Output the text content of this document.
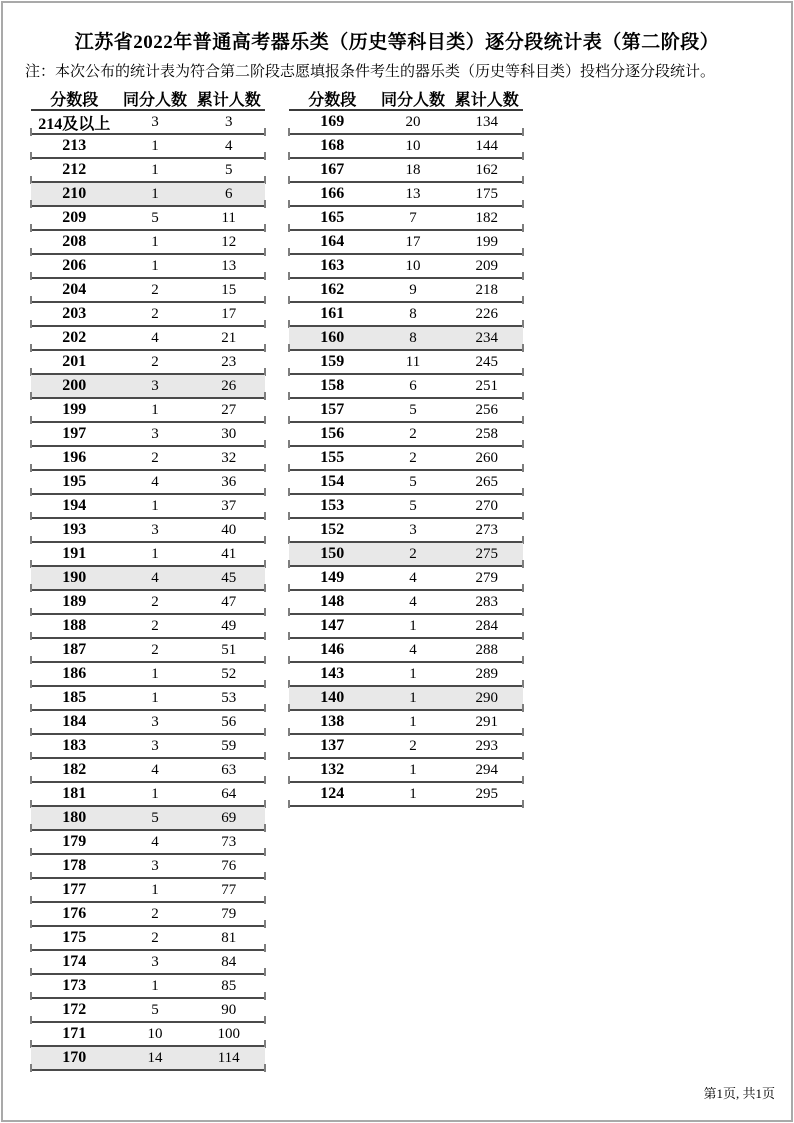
江苏省2022年普通高考器乐类（历史等科目类）逐分段统计表（第二阶段）
注：本次公布的统计表为符合第二阶段志愿填报条件考生的器乐类（历史等科目类）投档分逐分段统计。
分数段	同分人数 累计人数
214及以上	3	3
213	1	4
212	1	5
210	1	6
209	5	11
208	1	12
206	1	13
204	2	15
203	2	17
202	4	21
201	2	23
200	3	26
199	1	27
197	3	30
196	2	32
195	4	36
194	1	37
193	3	40
191	1	41
190	4	45
189	2	47
188	2	49
187	2	51
186	1	52
185	1	53
184	3	56
183	3	59
182	4	63
181	1	64
180	5	69
179	4	73
178	3	76
177	1	77
176	2	79
175	2	81
174	3	84
173	1	85
172	5	90
171	10	100
170	14	114
分数段	同分人数 累计人数
169	20	134
168	10	144
167	18	162
166	13	175
165	7	182
164	17	199
163	10	209
162	9	218
161	8	226
160	8	234
159	11	245
158	6	251
157	5	256
156	2	258
155	2	260
154	5	265
153	5	270
152	3	273
150	2	275
149	4	279
148	4	283
147	1	284
146	4	288
143	1	289
140	1	290
138	1	291
137	2	293
132	1	294
124	1	295
第1页, 共1页
